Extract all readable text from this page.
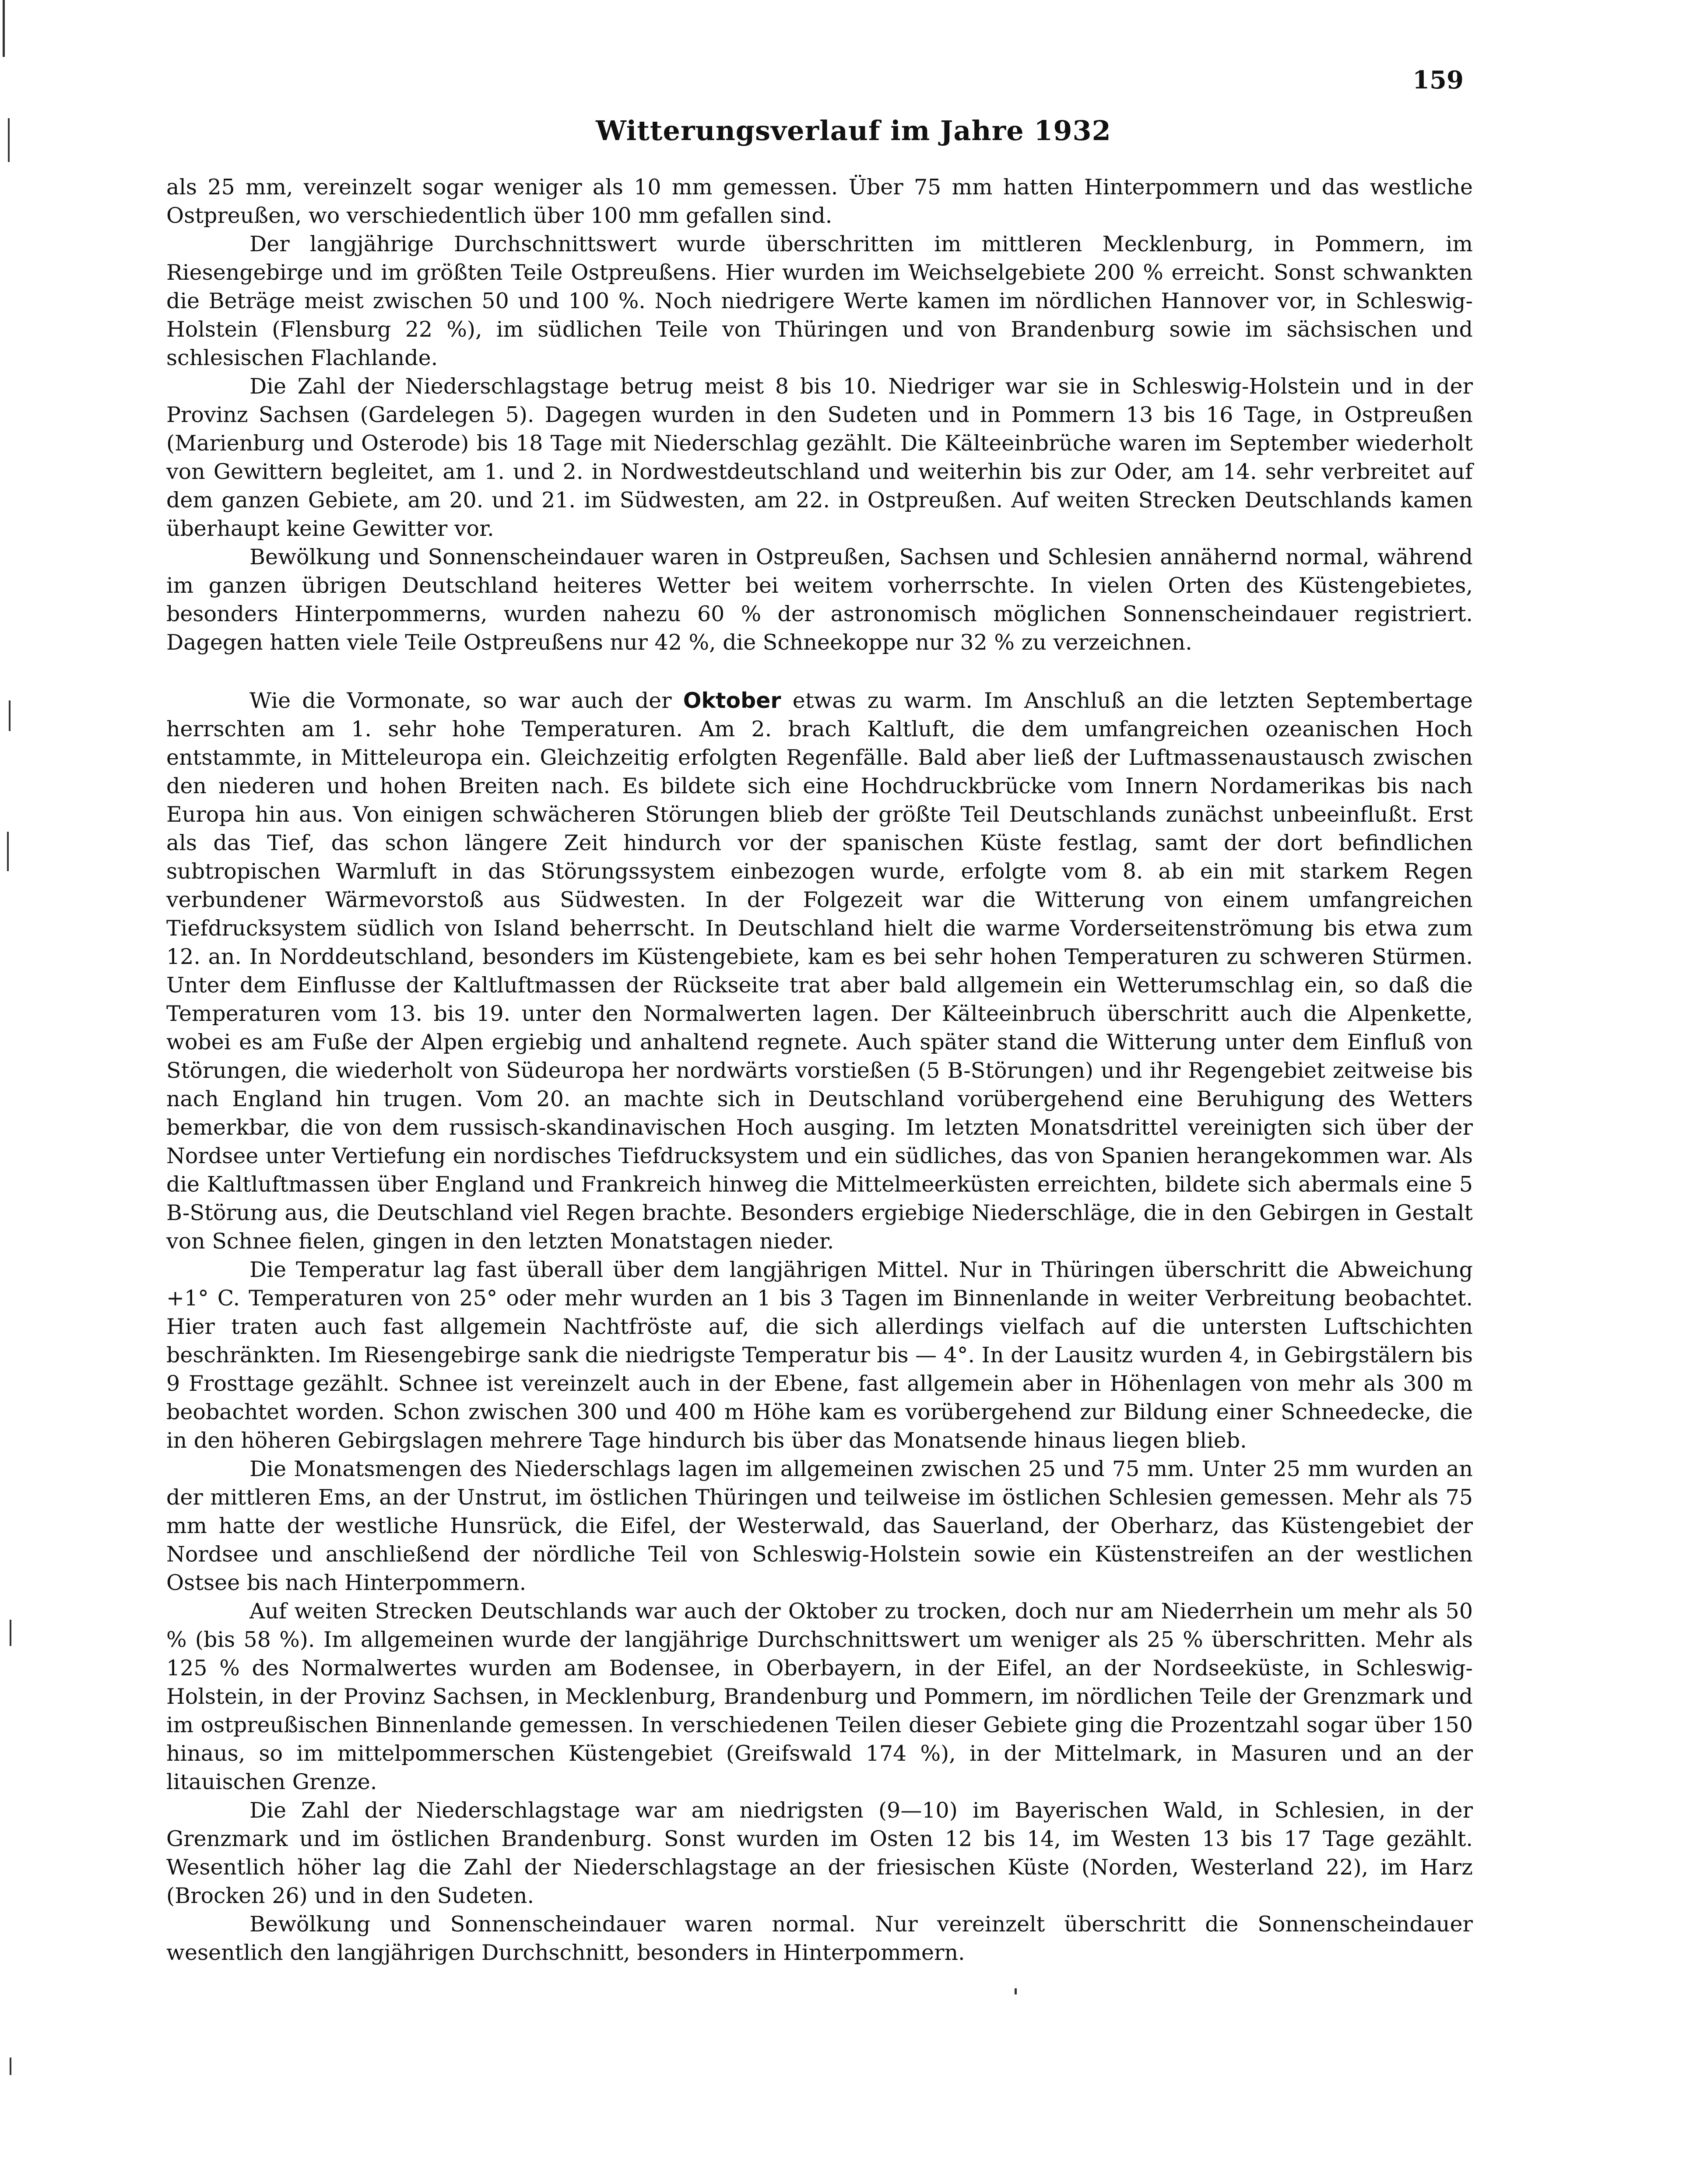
159
Witterungsverlauf im Jahre 1932

als 25 mm, vereinzelt sogar weniger als 10 mm gemessen. Über 75 mm hatten Hinterpommern und das westliche Ostpreußen, wo verschiedentlich über 100 mm gefallen sind.

Der langjährige Durchschnittswert wurde überschritten im mittleren Mecklenburg, in Pommern, im Riesengebirge und im größten Teile Ostpreußens. Hier wurden im Weichselgebiete 200 % erreicht. Sonst schwankten die Beträge meist zwischen 50 und 100 %. Noch niedrigere Werte kamen im nördlichen Hannover vor, in Schleswig-Holstein (Flensburg 22 %), im südlichen Teile von Thüringen und von Brandenburg sowie im sächsischen und schlesischen Flachlande.

Die Zahl der Niederschlagstage betrug meist 8 bis 10. Niedriger war sie in Schleswig-Holstein und in der Provinz Sachsen (Gardelegen 5). Dagegen wurden in den Sudeten und in Pommern 13 bis 16 Tage, in Ostpreußen (Marienburg und Osterode) bis 18 Tage mit Niederschlag gezählt. Die Kälteeinbrüche waren im September wiederholt von Gewittern begleitet, am 1. und 2. in Nordwestdeutschland und weiterhin bis zur Oder, am 14. sehr verbreitet auf dem ganzen Gebiete, am 20. und 21. im Südwesten, am 22. in Ostpreußen. Auf weiten Strecken Deutschlands kamen überhaupt keine Gewitter vor.

Bewölkung und Sonnenscheindauer waren in Ostpreußen, Sachsen und Schlesien annähernd normal, während im ganzen übrigen Deutschland heiteres Wetter bei weitem vorherrschte. In vielen Orten des Küstengebietes, besonders Hinterpommerns, wurden nahezu 60 % der astronomisch möglichen Sonnenscheindauer registriert. Dagegen hatten viele Teile Ostpreußens nur 42 %, die Schneekoppe nur 32 % zu verzeichnen.

Wie die Vormonate, so war auch der Oktober etwas zu warm. Im Anschluß an die letzten Septembertage herrschten am 1. sehr hohe Temperaturen. Am 2. brach Kaltluft, die dem umfangreichen ozeanischen Hoch entstammte, in Mitteleuropa ein. Gleichzeitig erfolgten Regenfälle. Bald aber ließ der Luftmassenaustausch zwischen den niederen und hohen Breiten nach. Es bildete sich eine Hochdruckbrücke vom Innern Nordamerikas bis nach Europa hin aus. Von einigen schwächeren Störungen blieb der größte Teil Deutschlands zunächst unbeeinflußt. Erst als das Tief, das schon längere Zeit hindurch vor der spanischen Küste festlag, samt der dort befindlichen subtropischen Warmluft in das Störungssystem einbezogen wurde, erfolgte vom 8. ab ein mit starkem Regen verbundener Wärmevorstoß aus Südwesten. In der Folgezeit war die Witterung von einem umfangreichen Tiefdrucksystem südlich von Island beherrscht. In Deutschland hielt die warme Vorderseitenströmung bis etwa zum 12. an. In Norddeutschland, besonders im Küstengebiete, kam es bei sehr hohen Temperaturen zu schweren Stürmen. Unter dem Einflusse der Kaltluftmassen der Rückseite trat aber bald allgemein ein Wetterumschlag ein, so daß die Temperaturen vom 13. bis 19. unter den Normalwerten lagen. Der Kälteeinbruch überschritt auch die Alpenkette, wobei es am Fuße der Alpen ergiebig und anhaltend regnete. Auch später stand die Witterung unter dem Einfluß von Störungen, die wiederholt von Südeuropa her nordwärts vorstießen (5 B-Störungen) und ihr Regengebiet zeitweise bis nach England hin trugen. Vom 20. an machte sich in Deutschland vorübergehend eine Beruhigung des Wetters bemerkbar, die von dem russisch-skandinavischen Hoch ausging. Im letzten Monatsdrittel vereinigten sich über der Nordsee unter Vertiefung ein nordisches Tiefdrucksystem und ein südliches, das von Spanien herangekommen war. Als die Kaltluftmassen über England und Frankreich hinweg die Mittelmeerküsten erreichten, bildete sich abermals eine 5 B-Störung aus, die Deutschland viel Regen brachte. Besonders ergiebige Niederschläge, die in den Gebirgen in Gestalt von Schnee fielen, gingen in den letzten Monatstagen nieder.

Die Temperatur lag fast überall über dem langjährigen Mittel. Nur in Thüringen überschritt die Abweichung +1° C. Temperaturen von 25° oder mehr wurden an 1 bis 3 Tagen im Binnenlande in weiter Verbreitung beobachtet. Hier traten auch fast allgemein Nachtfröste auf, die sich allerdings vielfach auf die untersten Luftschichten beschränkten. Im Riesengebirge sank die niedrigste Temperatur bis — 4°. In der Lausitz wurden 4, in Gebirgstälern bis 9 Frosttage gezählt. Schnee ist vereinzelt auch in der Ebene, fast allgemein aber in Höhenlagen von mehr als 300 m beobachtet worden. Schon zwischen 300 und 400 m Höhe kam es vorübergehend zur Bildung einer Schneedecke, die in den höheren Gebirgslagen mehrere Tage hindurch bis über das Monatsende hinaus liegen blieb.

Die Monatsmengen des Niederschlags lagen im allgemeinen zwischen 25 und 75 mm. Unter 25 mm wurden an der mittleren Ems, an der Unstrut, im östlichen Thüringen und teilweise im östlichen Schlesien gemessen. Mehr als 75 mm hatte der westliche Hunsrück, die Eifel, der Westerwald, das Sauerland, der Oberharz, das Küstengebiet der Nordsee und anschließend der nördliche Teil von Schleswig-Holstein sowie ein Küstenstreifen an der westlichen Ostsee bis nach Hinterpommern.

Auf weiten Strecken Deutschlands war auch der Oktober zu trocken, doch nur am Niederrhein um mehr als 50 % (bis 58 %). Im allgemeinen wurde der langjährige Durchschnittswert um weniger als 25 % überschritten. Mehr als 125 % des Normalwertes wurden am Bodensee, in Oberbayern, in der Eifel, an der Nordseeküste, in Schleswig-Holstein, in der Provinz Sachsen, in Mecklenburg, Brandenburg und Pommern, im nördlichen Teile der Grenzmark und im ostpreußischen Binnenlande gemessen. In verschiedenen Teilen dieser Gebiete ging die Prozentzahl sogar über 150 hinaus, so im mittelpommerschen Küstengebiet (Greifswald 174 %), in der Mittelmark, in Masuren und an der litauischen Grenze.

Die Zahl der Niederschlagstage war am niedrigsten (9—10) im Bayerischen Wald, in Schlesien, in der Grenzmark und im östlichen Brandenburg. Sonst wurden im Osten 12 bis 14, im Westen 13 bis 17 Tage gezählt. Wesentlich höher lag die Zahl der Niederschlagstage an der friesischen Küste (Norden, Westerland 22), im Harz (Brocken 26) und in den Sudeten.

Bewölkung und Sonnenscheindauer waren normal. Nur vereinzelt überschritt die Sonnenscheindauer wesentlich den langjährigen Durchschnitt, besonders in Hinterpommern.
